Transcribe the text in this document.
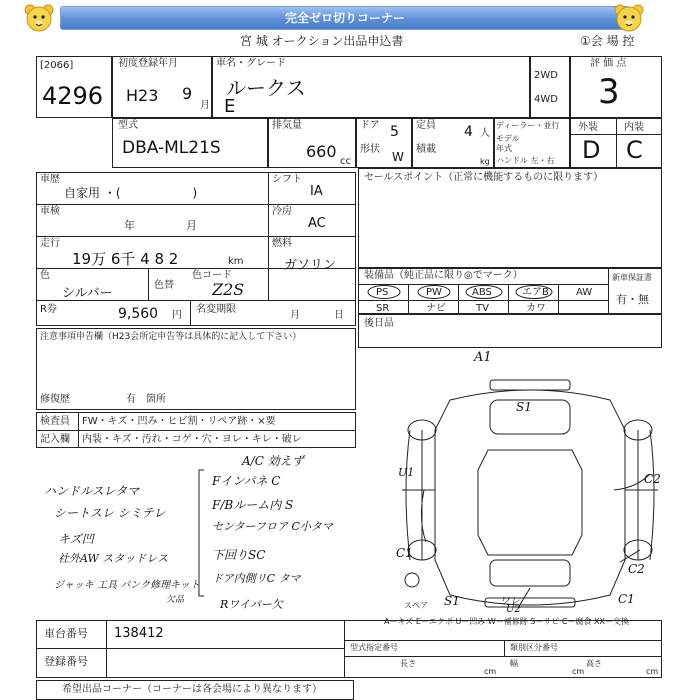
完全ゼロ切りコーナー
宮 城 オークション出品申込書	①会 場 控
[2066]
4296
初度登録年月
H23 9
月
車名・グレード
ルークス
E
2WD
4WD
評 価 点
3
型式
DBA-ML21S
排気量
660
cc
ドア 5
形状
W
定員 4 人
積載
kg
ディーラー・並行
モデル
年式
ハンドル 左・右
外装	内装
D C
車歴
自家用 ・(　　　　　　)
シフト
IA
車検
年	月
冷房
AC
走行
19万 6千 4 8 2	km
燃料
ガソリン
色
シルバー
色替
色コード
Z2S
R券	9,560 円
名変期限
月	日
セールスポイント（正常に機能するものに限ります）
装備品（純正品に限り◎でマーク）
PS	PW	ABS	エアB	AW
SR	ナビ	TV	カワ
新車保証書
有・無
後日品
注意事項申告欄（H23会所定申告等は具体的に記入して下さい）
修復歴	有　箇所
検査員 FW・キズ・凹み・ヒビ割・リペア跡・×要
記入欄 内装・キズ・汚れ・コゲ・穴・ヨレ・キレ・破レ
A/C 効えず
ハンドルスレタマ
シートスレ シミテレ
キズ凹
社外AW スタッドレス
ジャッキ 工具 パンク修理キット
欠品
Fインパネ C
F/Bルーム内 S
センターフロア C小タマ
下回りSC
ドア内側リC タマ
Rワイパー欠
A1
S1
U1	C2
C1
C2
C1
S1	ワレ
U2
スペア
A－キズ E－エクボ U－凹み W－補修跡 S－サビ C－腐食 XX－交換
車台番号 138412
登録番号
型式指定番号	類別区分番号
長さ
cm
幅
cm
高さ
cm
希望出品コーナー（コーナーは各会場により異なります）
